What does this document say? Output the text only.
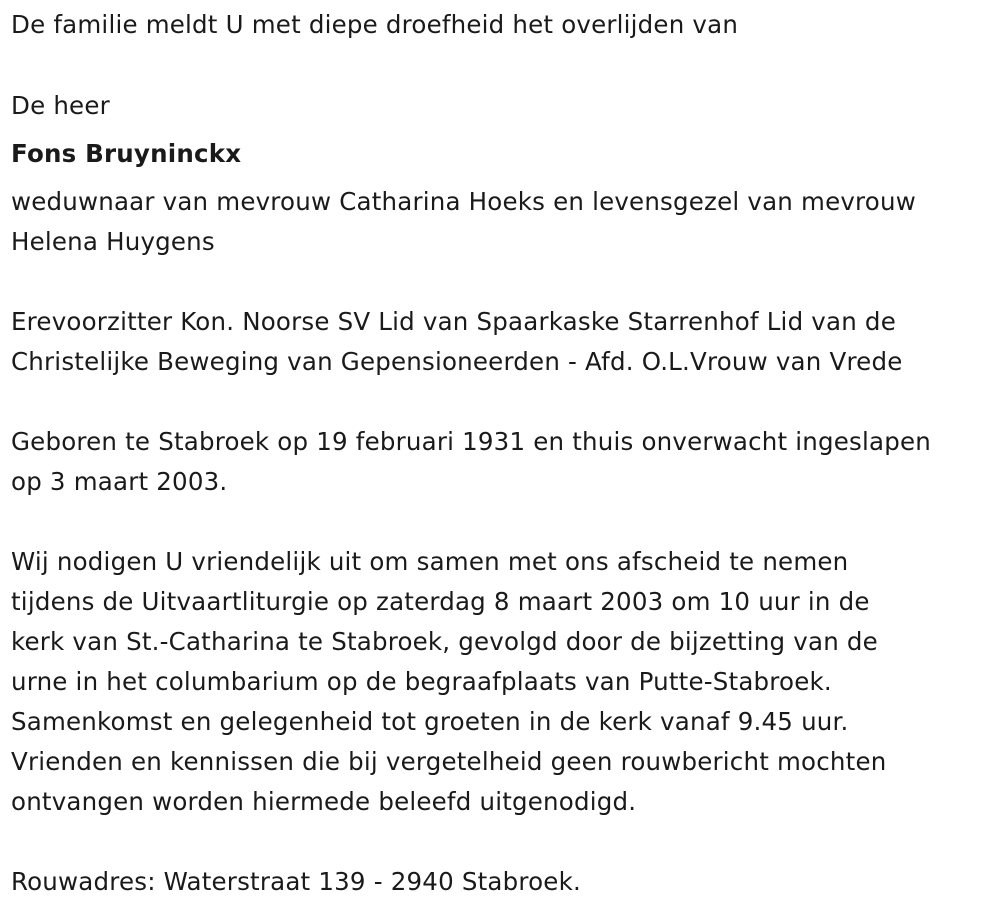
De familie meldt U met diepe droefheid het overlijden van
De heer
Fons Bruyninckx
weduwnaar van mevrouw Catharina Hoeks en levensgezel van mevrouw
Helena Huygens
Erevoorzitter Kon. Noorse SV Lid van Spaarkaske Starrenhof Lid van de
Christelijke Beweging van Gepensioneerden - Afd. O.L.Vrouw van Vrede
Geboren te Stabroek op 19 februari 1931 en thuis onverwacht ingeslapen
op 3 maart 2003.
Wij nodigen U vriendelijk uit om samen met ons afscheid te nemen
tijdens de Uitvaartliturgie op zaterdag 8 maart 2003 om 10 uur in de
kerk van St.-Catharina te Stabroek, gevolgd door de bijzetting van de
urne in het columbarium op de begraafplaats van Putte-Stabroek.
Samenkomst en gelegenheid tot groeten in de kerk vanaf 9.45 uur.
Vrienden en kennissen die bij vergetelheid geen rouwbericht mochten
ontvangen worden hiermede beleefd uitgenodigd.
Rouwadres: Waterstraat 139 - 2940 Stabroek.
